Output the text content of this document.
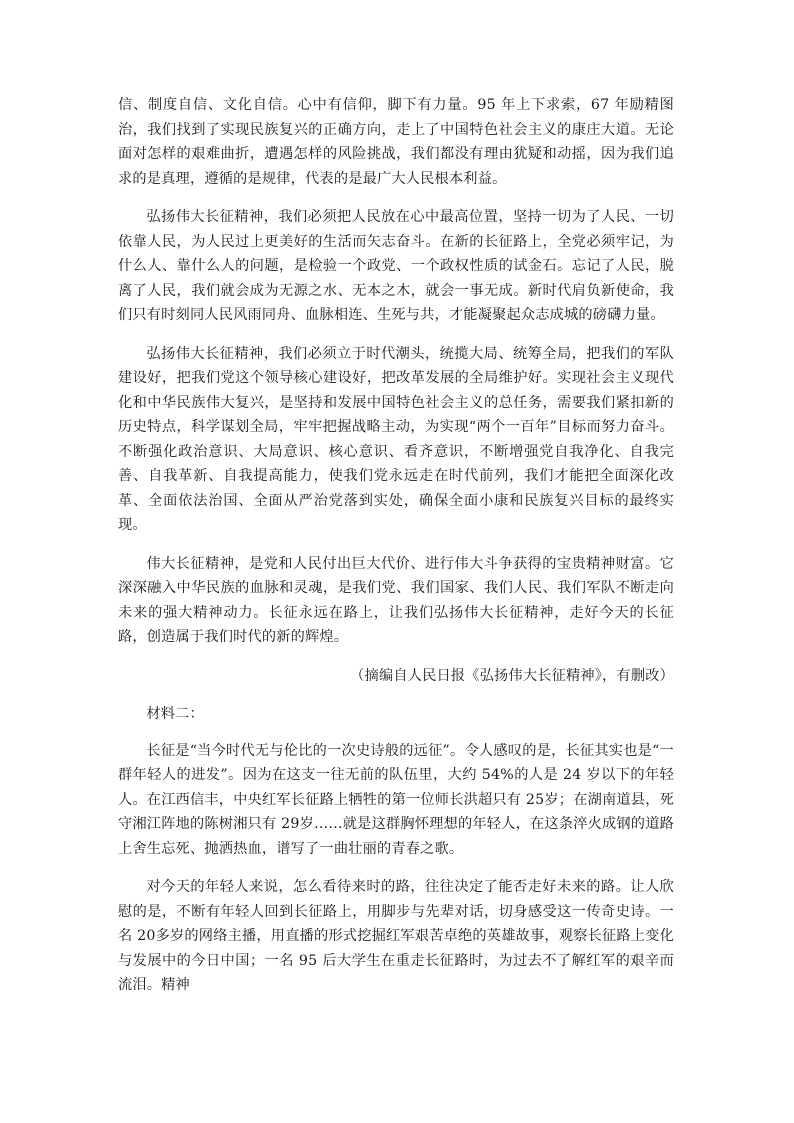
信、制度自信、文化自信。心中有信仰，脚下有力量。95 年上下求索，67 年励精图治，我们找到了实现民族复兴的正确方向，走上了中国特色社会主义的康庄大道。无论面对怎样的艰难曲折，遭遇怎样的风险挑战，我们都没有理由犹疑和动摇，因为我们追求的是真理，遵循的是规律，代表的是最广大人民根本利益。

弘扬伟大长征精神，我们必须把人民放在心中最高位置，坚持一切为了人民、一切依靠人民，为人民过上更美好的生活而矢志奋斗。在新的长征路上，全党必须牢记，为什么人、靠什么人的问题，是检验一个政党、一个政权性质的试金石。忘记了人民，脱离了人民，我们就会成为无源之水、无本之木，就会一事无成。新时代肩负新使命，我们只有时刻同人民风雨同舟、血脉相连、生死与共，才能凝聚起众志成城的磅礴力量。

弘扬伟大长征精神，我们必须立于时代潮头，统揽大局、统筹全局，把我们的军队建设好，把我们党这个领导核心建设好，把改革发展的全局维护好。实现社会主义现代化和中华民族伟大复兴，是坚持和发展中国特色社会主义的总任务，需要我们紧扣新的历史特点，科学谋划全局，牢牢把握战略主动，为实现“两个一百年”目标而努力奋斗。不断强化政治意识、大局意识、核心意识、看齐意识，不断增强党自我净化、自我完善、自我革新、自我提高能力，使我们党永远走在时代前列，我们才能把全面深化改革、全面依法治国、全面从严治党落到实处，确保全面小康和民族复兴目标的最终实现。

伟大长征精神，是党和人民付出巨大代价、进行伟大斗争获得的宝贵精神财富。它深深融入中华民族的血脉和灵魂，是我们党、我们国家、我们人民、我们军队不断走向未来的强大精神动力。长征永远在路上，让我们弘扬伟大长征精神，走好今天的长征路，创造属于我们时代的新的辉煌。

（摘编自人民日报《弘扬伟大长征精神》，有删改）

材料二：

长征是“当今时代无与伦比的一次史诗般的远征”。令人感叹的是，长征其实也是“一群年轻人的进发”。因为在这支一往无前的队伍里，大约 54%的人是 24 岁以下的年轻人。在江西信丰，中央红军长征路上牺牲的第一位师长洪超只有 25岁；在湖南道县，死守湘江阵地的陈树湘只有 29岁……就是这群胸怀理想的年轻人，在这条淬火成钢的道路上舍生忘死、抛洒热血，谱写了一曲壮丽的青春之歌。

对今天的年轻人来说，怎么看待来时的路，往往决定了能否走好未来的路。让人欣慰的是，不断有年轻人回到长征路上，用脚步与先辈对话，切身感受这一传奇史诗。一名 20多岁的网络主播，用直播的形式挖掘红军艰苦卓绝的英雄故事，观察长征路上变化与发展中的今日中国；一名 95 后大学生在重走长征路时，为过去不了解红军的艰辛而流泪。精神
